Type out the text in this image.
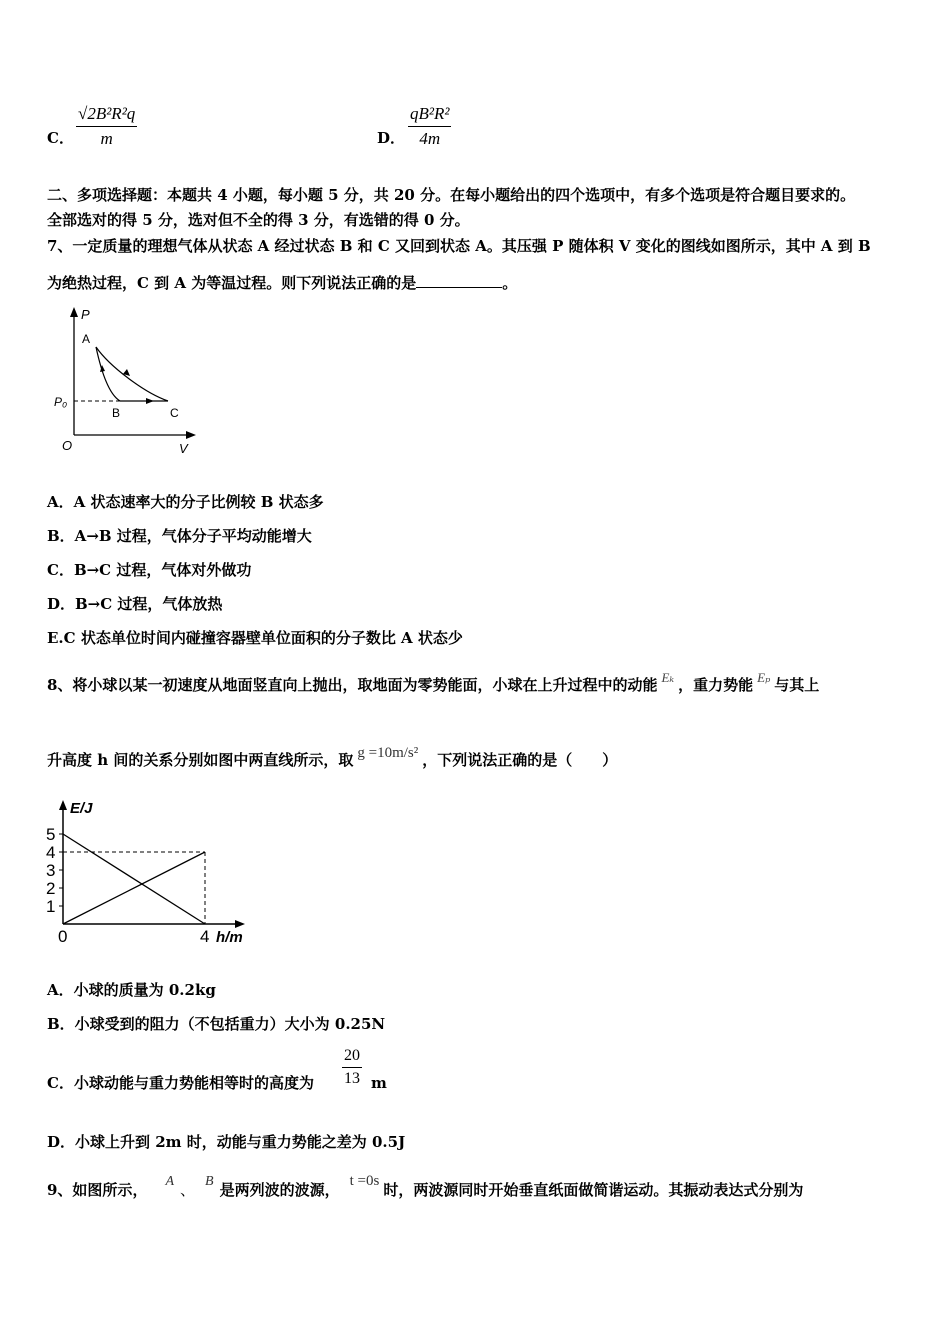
C．
√2B²R²q
m	D．
qB²R²
4m
二、多项选择题：本题共 4 小题，每小题 5 分，共 20 分。在每小题给出的四个选项中，有多个选项是符合题目要求的。
全部选对的得 5 分，选对但不全的得 3 分，有选错的得 0 分。
7、一定质量的理想气体从状态 A 经过状态 B 和 C 又回到状态 A。其压强 P 随体积 V 变化的图线如图所示，其中 A 到 B
为绝热过程，C 到 A 为等温过程。则下列说法正确的是	。
P
A
P₀
B	C
O	V
A．A 状态速率大的分子比例较 B 状态多
B．A→B 过程，气体分子平均动能增大
C．B→C 过程，气体对外做功
D．B→C 过程，气体放热
E.C 状态单位时间内碰撞容器壁单位面积的分子数比 A 状态少
8、将小球以某一初速度从地面竖直向上抛出，取地面为零势能面，小球在上升过程中的动能 Eₖ ，重力势能 Eₚ 与其上
升高度 h 间的关系分别如图中两直线所示，取 g =10m/s² ，下列说法正确的是（　　）
1
2
3
4
5
0	4
E/J
h/m
A．小球的质量为 0.2kg
B．小球受到的阻力（不包括重力）大小为 0.25N
C．小球动能与重力势能相等时的高度为
20
13 m
D．小球上升到 2m 时，动能与重力势能之差为 0.5J
9、如图所示， A 、 B 是两列波的波源， t =0s 时，两波源同时开始垂直纸面做简谐运动。其振动表达式分别为
